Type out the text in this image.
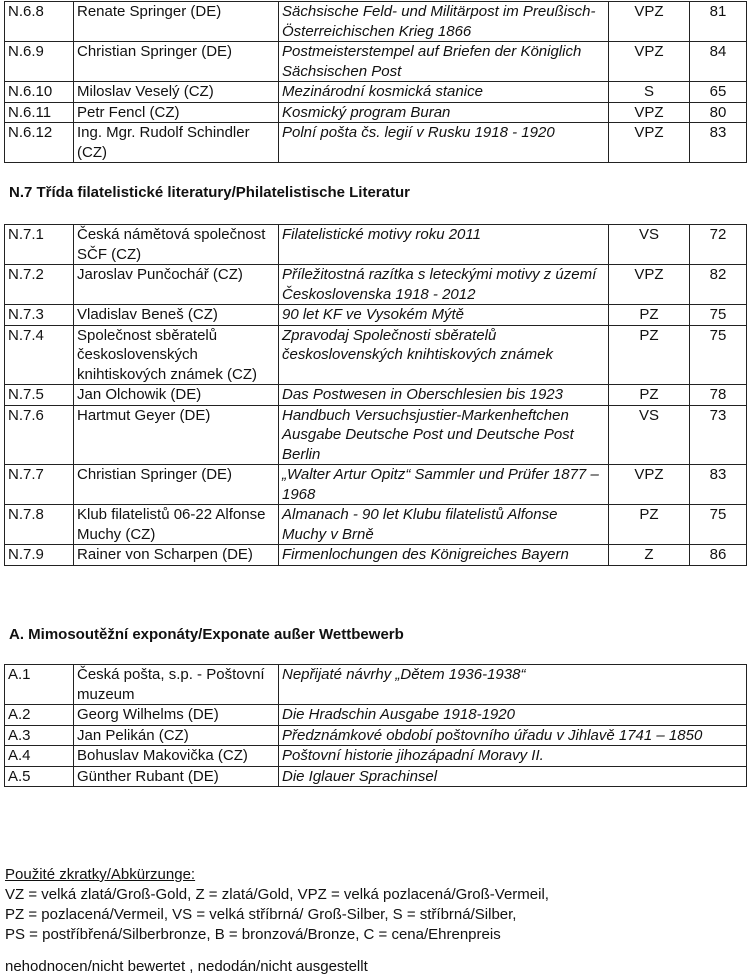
N.6.8	Renate Springer (DE)	Sächsische Feld- und Militärpost im Preußisch-Österreichischen Krieg 1866	VPZ	81
N.6.9	Christian Springer (DE)	Postmeisterstempel auf Briefen der Königlich Sächsischen Post	VPZ	84
N.6.10	Miloslav Veselý (CZ)	Mezinárodní kosmická stanice	S	65
N.6.11	Petr Fencl (CZ)	Kosmický program Buran	VPZ	80
N.6.12	Ing. Mgr. Rudolf Schindler (CZ)	Polní pošta čs. legií v Rusku 1918 - 1920	VPZ	83
N.7 Třída filatelistické literatury/Philatelistische Literatur
N.7.1	Česká námětová společnost SČF (CZ)	Filatelistické motivy roku 2011	VS	72
N.7.2	Jaroslav Punčochář (CZ)	Příležitostná razítka s leteckými motivy z území Československa 1918 - 2012	VPZ	82
N.7.3	Vladislav Beneš (CZ)	90 let KF ve Vysokém Mýtě	PZ	75
N.7.4	Společnost sběratelů československých knihtiskových známek (CZ)	Zpravodaj Společnosti sběratelů československých knihtiskových známek	PZ	75
N.7.5	Jan Olchowik (DE)	Das Postwesen in Oberschlesien bis 1923	PZ	78
N.7.6	Hartmut Geyer (DE)	Handbuch Versuchsjustier-Markenheftchen Ausgabe Deutsche Post und Deutsche Post Berlin	VS	73
N.7.7	Christian Springer (DE)	„Walter Artur Opitz“ Sammler und Prüfer 1877 – 1968	VPZ	83
N.7.8	Klub filatelistů 06-22 Alfonse Muchy (CZ)	Almanach - 90 let Klubu filatelistů Alfonse Muchy v Brně	PZ	75
N.7.9	Rainer von Scharpen (DE)	Firmenlochungen des Königreiches Bayern	Z	86
A. Mimosoutěžní exponáty/Exponate außer Wettbewerb
A.1	Česká pošta, s.p. - Poštovní muzeum	Nepřijaté návrhy „Dětem 1936-1938“
A.2	Georg Wilhelms (DE)	Die Hradschin Ausgabe 1918-1920
A.3	Jan Pelikán (CZ)	Předznámkové období poštovního úřadu v Jihlavě 1741 – 1850
A.4	Bohuslav Makovička (CZ)	Poštovní historie jihozápadní Moravy II.
A.5	Günther Rubant (DE)	Die Iglauer Sprachinsel
Použité zkratky/Abkürzunge:
VZ = velká zlatá/Groß-Gold, Z = zlatá/Gold, VPZ = velká pozlacená/Groß-Vermeil,
PZ = pozlacená/Vermeil, VS = velká stříbrná/ Groß-Silber, S = stříbrná/Silber,
PS = postříbřená/Silberbronze, B = bronzová/Bronze, C = cena/Ehrenpreis
nehodnocen/nicht bewertet , nedodán/nicht ausgestellt
